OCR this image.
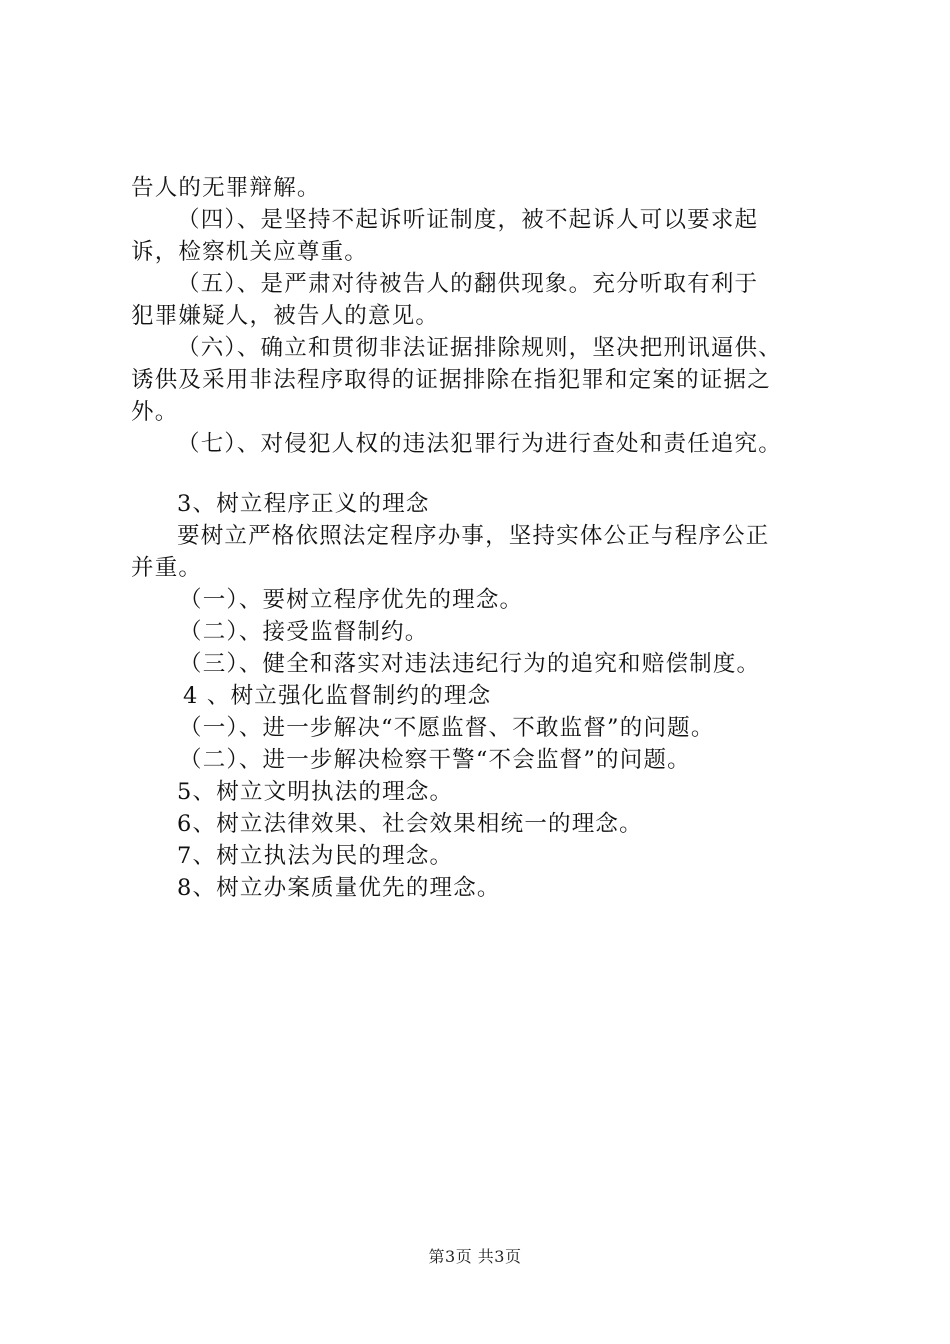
告人的无罪辩解。
（四）、是坚持不起诉听证制度，被不起诉人可以要求起
诉，检察机关应尊重。
（五）、是严肃对待被告人的翻供现象。充分听取有利于
犯罪嫌疑人，被告人的意见。
（六）、确立和贯彻非法证据排除规则，坚决把刑讯逼供、
诱供及采用非法程序取得的证据排除在指犯罪和定案的证据之
外。
（七）、对侵犯人权的违法犯罪行为进行查处和责任追究。
3、树立程序正义的理念
要树立严格依照法定程序办事，坚持实体公正与程序公正
并重。
（一）、要树立程序优先的理念。
（二）、接受监督制约。
（三）、健全和落实对违法违纪行为的追究和赔偿制度。
4 、树立强化监督制约的理念
（一）、进一步解决“不愿监督、不敢监督”的问题。
（二）、进一步解决检察干警“不会监督”的问题。
5、树立文明执法的理念。
6、树立法律效果、社会效果相统一的理念。
7、树立执法为民的理念。
8、树立办案质量优先的理念。
第3页 共3页
